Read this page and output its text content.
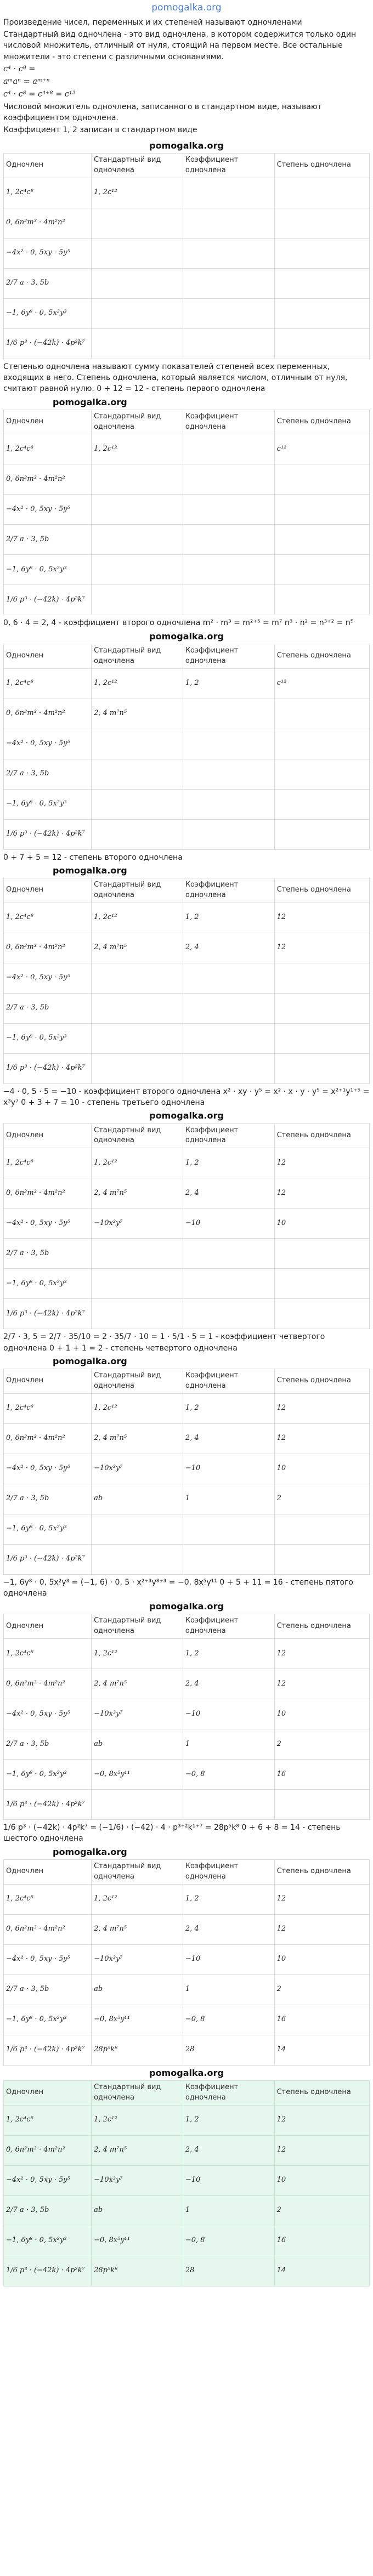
pomogalka.org

Произведение чисел, переменных и их степеней называют одночленами

Стандартный вид одночлена - это вид одночлена, в котором содержится только один числовой множитель, отличный от нуля, стоящий на первом месте. Все остальные множители - это степени с различными основаниями.

c⁴ · c⁸ =
aᵐaⁿ = aᵐ⁺ⁿ
c⁴ · c⁸ = c⁴⁺⁸ = c¹²

Числовой множитель одночлена, записанного в стандартном виде, называют коэффициентом одночлена.

Коэффициент 1, 2 записан в стандартном виде

pomogalka.org
Одночлен	Стандартный вид одночлена	Коэффициент одночлена	Степень одночлена
1, 2c⁴c⁸	1, 2c¹²		
0, 6n²m³ · 4m²n²			
−4x² · 0, 5xy · 5y⁵			
2/7 a · 3, 5b			
−1, 6y⁸ · 0, 5x²y³			
1/6 p³ · (−42k) · 4p²k⁷			

Степенью одночлена называют сумму показателей степеней всех переменных, входящих в него. Степень одночлена, который является числом, отличным от нуля, считают равной нулю. 0 + 12 = 12 - степень первого одночлена

pomogalka.org
Одночлен	Стандартный вид одночлена	Коэффициент одночлена	Степень одночлена
1, 2c⁴c⁸	1, 2c¹²		c¹²
0, 6n²m³ · 4m²n²			
−4x² · 0, 5xy · 5y⁵			
2/7 a · 3, 5b			
−1, 6y⁸ · 0, 5x²y³			
1/6 p³ · (−42k) · 4p²k⁷			

0, 6 · 4 = 2, 4 - коэффициент второго одночлена m² · m³ = m²⁺⁵ = m⁷ n³ · n² = n³⁺² = n⁵

pomogalka.org
Одночлен	Стандартный вид одночлена	Коэффициент одночлена	Степень одночлена
1, 2c⁴c⁸	1, 2c¹²	1, 2	c¹²
0, 6n²m³ · 4m²n²	2, 4 m⁷n⁵		
−4x² · 0, 5xy · 5y⁵			
2/7 a · 3, 5b			
−1, 6y⁸ · 0, 5x²y³			
1/6 p³ · (−42k) · 4p²k⁷			

0 + 7 + 5 = 12 - степень второго одночлена

pomogalka.org
Одночлен	Стандартный вид одночлена	Коэффициент одночлена	Степень одночлена
1, 2c⁴c⁸	1, 2c¹²	1, 2	12
0, 6n²m³ · 4m²n²	2, 4 m⁷n⁵	2, 4	12
−4x² · 0, 5xy · 5y⁵			
2/7 a · 3, 5b			
−1, 6y⁸ · 0, 5x²y³			
1/6 p³ · (−42k) · 4p²k⁷			

−4 · 0, 5 · 5 = −10 - коэффициент второго одночлена x² · xy · y⁵ = x² · x · y · y⁵ = x²⁺¹y¹⁺⁵ = x³y⁷ 0 + 3 + 7 = 10 - степень третьего одночлена

pomogalka.org
Одночлен	Стандартный вид одночлена	Коэффициент одночлена	Степень одночлена
1, 2c⁴c⁸	1, 2c¹²	1, 2	12
0, 6n²m³ · 4m²n²	2, 4 m⁷n⁵	2, 4	12
−4x² · 0, 5xy · 5y⁵	−10x³y⁷	−10	10
2/7 a · 3, 5b			
−1, 6y⁸ · 0, 5x²y³			
1/6 p³ · (−42k) · 4p²k⁷			

2/7 · 3, 5 = 2/7 · 35/10 = 2 · 35/7 · 10 = 1 · 5/1 · 5 = 1 - коэффициент четвертого одночлена 0 + 1 + 1 = 2 - степень четвертого одночлена

pomogalka.org
Одночлен	Стандартный вид одночлена	Коэффициент одночлена	Степень одночлена
1, 2c⁴c⁸	1, 2c¹²	1, 2	12
0, 6n²m³ · 4m²n²	2, 4 m⁷n⁵	2, 4	12
−4x² · 0, 5xy · 5y⁵	−10x³y⁷	−10	10
2/7 a · 3, 5b	ab	1	2
−1, 6y⁸ · 0, 5x²y³			
1/6 p³ · (−42k) · 4p²k⁷			

−1, 6y⁸ · 0, 5x²y³ = (−1, 6) · 0, 5 · x²⁺³y⁸⁺³ = −0, 8x⁵y¹¹ 0 + 5 + 11 = 16 - степень пятого одночлена

pomogalka.org
Одночлен	Стандартный вид одночлена	Коэффициент одночлена	Степень одночлена
1, 2c⁴c⁸	1, 2c¹²	1, 2	12
0, 6n²m³ · 4m²n²	2, 4 m⁷n⁵	2, 4	12
−4x² · 0, 5xy · 5y⁵	−10x³y⁷	−10	10
2/7 a · 3, 5b	ab	1	2
−1, 6y⁸ · 0, 5x²y³	−0, 8x⁵y¹¹	−0, 8	16
1/6 p³ · (−42k) · 4p²k⁷			

1/6 p³ · (−42k) · 4p²k⁷ = (−1/6) · (−42) · 4 · p³⁺²k¹⁺⁷ = 28p⁵k⁸ 0 + 6 + 8 = 14 - степень шестого одночлена

pomogalka.org
Одночлен	Стандартный вид одночлена	Коэффициент одночлена	Степень одночлена
1, 2c⁴c⁸	1, 2c¹²	1, 2	12
0, 6n²m³ · 4m²n²	2, 4 m⁷n⁵	2, 4	12
−4x² · 0, 5xy · 5y⁵	−10x³y⁷	−10	10
2/7 a · 3, 5b	ab	1	2
−1, 6y⁸ · 0, 5x²y³	−0, 8x⁵y¹¹	−0, 8	16
1/6 p³ · (−42k) · 4p²k⁷	28p⁵k⁸	28	14
pomogalka.org
Одночлен	Стандартный вид одночлена	Коэффициент одночлена	Степень одночлена
1, 2c⁴c⁸	1, 2c¹²	1, 2	12
0, 6n²m³ · 4m²n²	2, 4 m⁷n⁵	2, 4	12
−4x² · 0, 5xy · 5y⁵	−10x³y⁷	−10	10
2/7 a · 3, 5b	ab	1	2
−1, 6y⁸ · 0, 5x²y³	−0, 8x⁵y¹¹	−0, 8	16
1/6 p³ · (−42k) · 4p²k⁷	28p⁵k⁸	28	14
